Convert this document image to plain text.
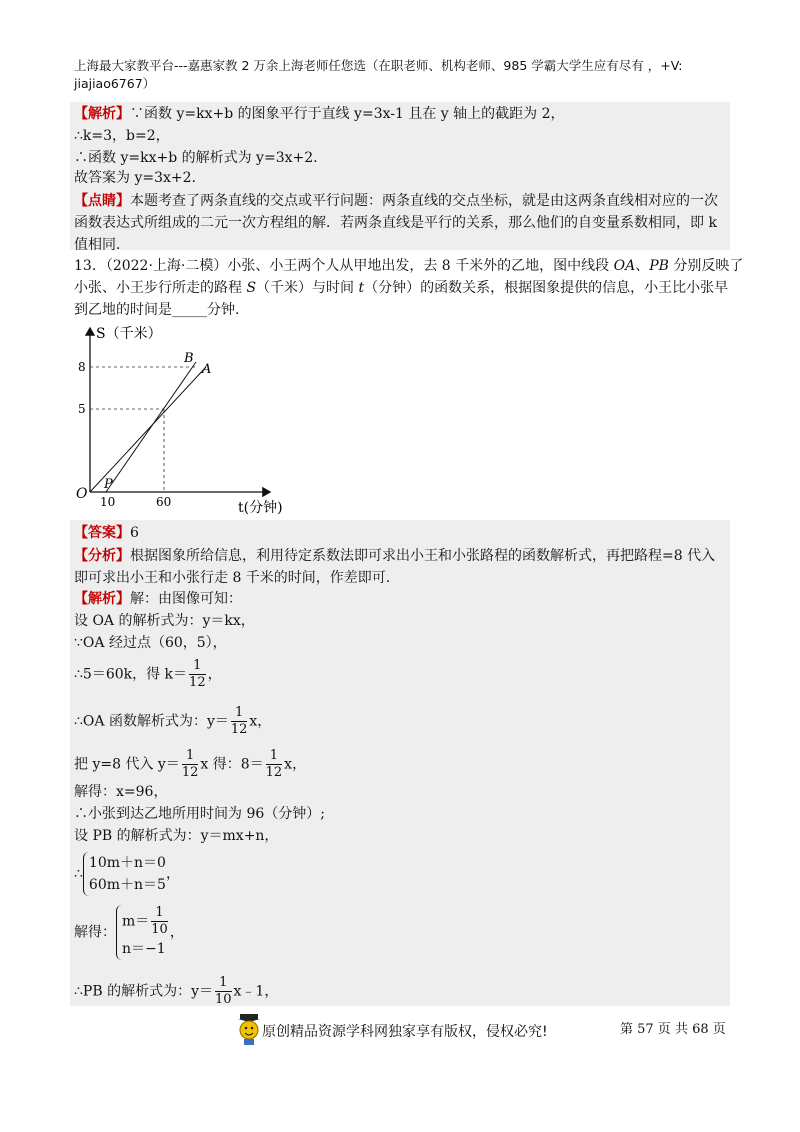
上海最大家教平台---嘉惠家教 2 万余上海老师任您选（在职老师、机构老师、985 学霸大学生应有尽有 ，+V:
jiajiao6767）
【解析】∵函数 y=kx+b 的图象平行于直线 y=3x-1 且在 y 轴上的截距为 2，
∴k=3，b=2，
∴函数 y=kx+b 的解析式为 y=3x+2.
故答案为 y=3x+2.
【点睛】本题考查了两条直线的交点或平行问题：两条直线的交点坐标，就是由这两条直线相对应的一次函数表达式所组成的二元一次方程组的解．若两条直线是平行的关系，那么他们的自变量系数相同，即 k 值相同．
13．（2022·上海·二模）小张、小王两个人从甲地出发，去 8 千米外的乙地，图中线段 OA、PB 分别反映了
小张、小王步行所走的路程 S（千米）与时间 t（分钟）的函数关系，根据图象提供的信息，小王比小张早
到乙地的时间是_____分钟.
S（千米）
t(分钟)
O
B
A
P
10	60
8
5
【答案】6
【分析】根据图象所给信息，利用待定系数法即可求出小王和小张路程的函数解析式，再把路程=8 代入即可求出小王和小张行走 8 千米的时间，作差即可.
【解析】解：由图像可知：
设 OA 的解析式为：y＝kx，
∵OA 经过点（60，5），
∴5＝60k，得 $k= \frac{1}{12}$ ，
∴OA 函数解析式为：$y= \frac{1}{12}$ x，
把 y=8 代入 $y= \frac{1}{12}$ x 得：$8= \frac{1}{12}$ x，
解得：x=96，
∴小张到达乙地所用时间为 96（分钟）;
设 PB 的解析式为：y＝mx+n，
∴
10m＋n＝0
60m＋n＝5
，
解得：
$m= \frac{1}{10}$
n＝−1
，
∴PB 的解析式为：$y= \frac{1}{10}$ x﹣1，
原创精品资源学科网独家享有版权，侵权必究!	第 57 页 共 68 页
